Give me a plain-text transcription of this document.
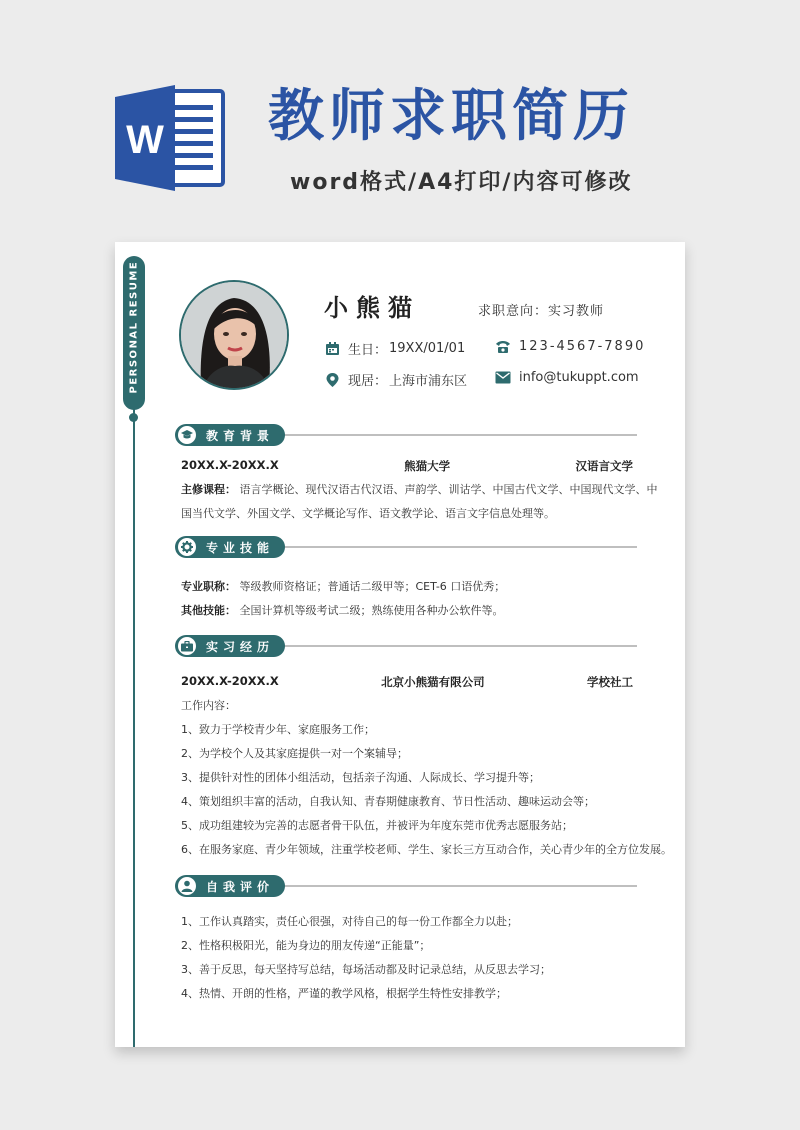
W 教师求职简历
word格式/A4打印/内容可修改
PERSONAL RESUME	小熊猫	求职意向：实习教师
生日： 19XX/01/01	123-4567-7890
现居： 上海市浦东区	info@tukuppt.com
教育背景
20XX.X-20XX.X	熊猫大学	汉语言文学
主修课程： 语言学概论、现代汉语古代汉语、声韵学、训诂学、中国古代文学、中国现代文学、中
国当代文学、外国文学、文学概论写作、语文教学论、语言文字信息处理等。
专业技能
专业职称： 等级教师资格证；普通话二级甲等；CET-6 口语优秀；
其他技能： 全国计算机等级考试二级；熟练使用各种办公软件等。
实习经历
20XX.X-20XX.X	北京小熊猫有限公司	学校社工
工作内容：
1、致力于学校青少年、家庭服务工作；
2、为学校个人及其家庭提供一对一个案辅导；
3、提供针对性的团体小组活动，包括亲子沟通、人际成长、学习提升等；
4、策划组织丰富的活动，自我认知、青春期健康教育、节日性活动、趣味运动会等；
5、成功组建较为完善的志愿者骨干队伍，并被评为年度东莞市优秀志愿服务站；
6、在服务家庭、青少年领域，注重学校老师、学生、家长三方互动合作，关心青少年的全方位发展。
自我评价
1、工作认真踏实，责任心很强，对待自己的每一份工作都全力以赴；
2、性格积极阳光，能为身边的朋友传递“正能量”；
3、善于反思，每天坚持写总结，每场活动都及时记录总结，从反思去学习；
4、热情、开朗的性格，严谨的教学风格，根据学生特性安排教学；
